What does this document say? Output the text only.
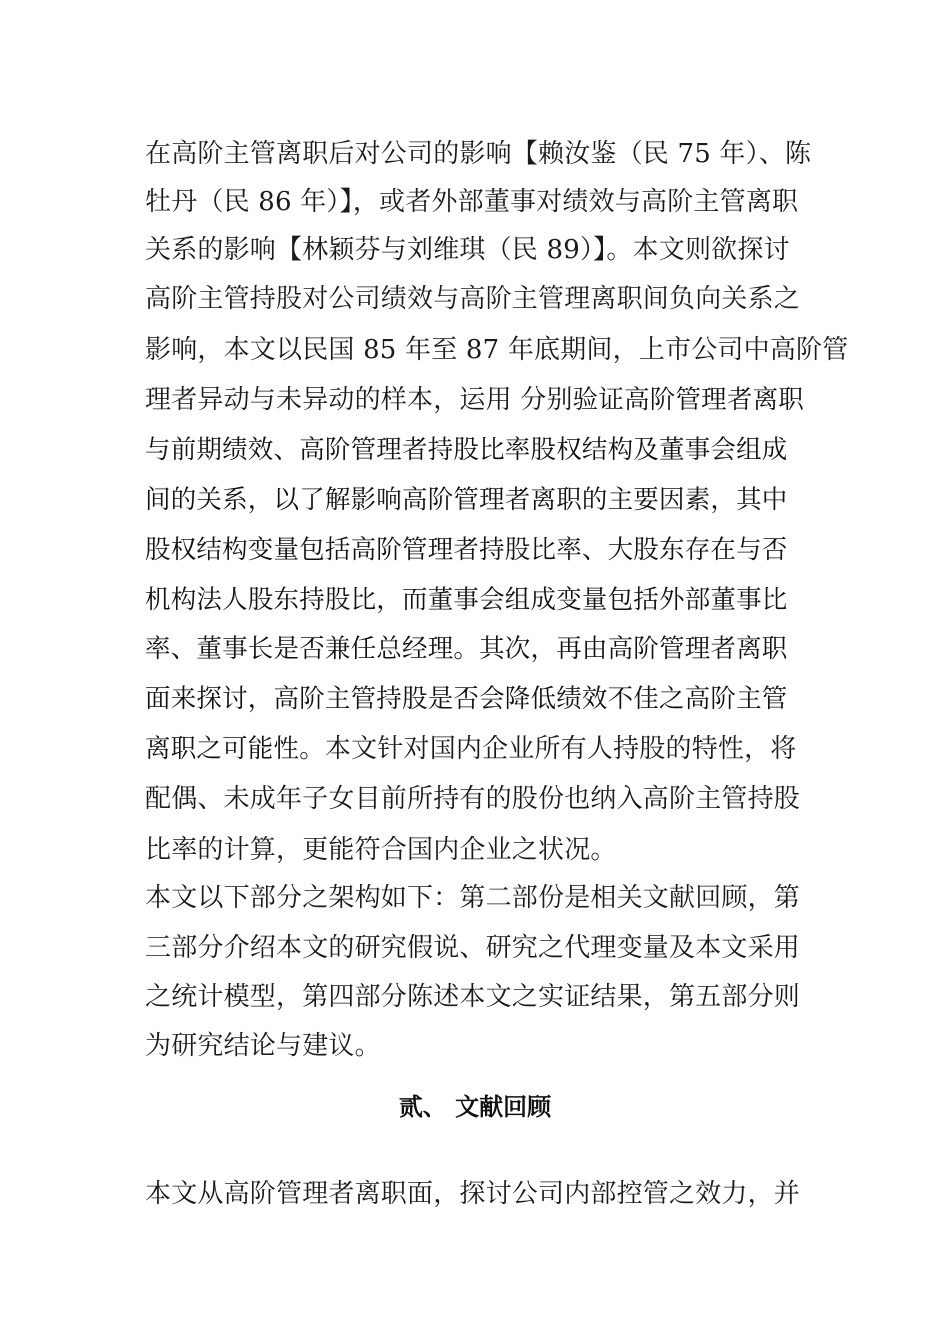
在高阶主管离职后对公司的影响【赖汝鉴（民 75 年）、陈
牡丹（民 86 年）】，或者外部董事对绩效与高阶主管离职
关系的影响【林颖芬与刘维琪（民 89）】。本文则欲探讨
高阶主管持股对公司绩效与高阶主管理离职间负向关系之
影响，本文以民国 85 年至 87 年底期间，上市公司中高阶管
理者异动与未异动的样本，运用 分别验证高阶管理者离职
与前期绩效、高阶管理者持股比率股权结构及董事会组成
间的关系，以了解影响高阶管理者离职的主要因素，其中
股权结构变量包括高阶管理者持股比率、大股东存在与否
机构法人股东持股比，而董事会组成变量包括外部董事比
率、董事长是否兼任总经理。其次，再由高阶管理者离职
面来探讨，高阶主管持股是否会降低绩效不佳之高阶主管
离职之可能性。本文针对国内企业所有人持股的特性，将
配偶、未成年子女目前所持有的股份也纳入高阶主管持股
比率的计算，更能符合国内企业之状况。
本文以下部分之架构如下：第二部份是相关文献回顾，第
三部分介绍本文的研究假说、研究之代理变量及本文采用
之统计模型，第四部分陈述本文之实证结果，第五部分则
为研究结论与建议。
贰、 文献回顾
本文从高阶管理者离职面，探讨公司内部控管之效力，并
